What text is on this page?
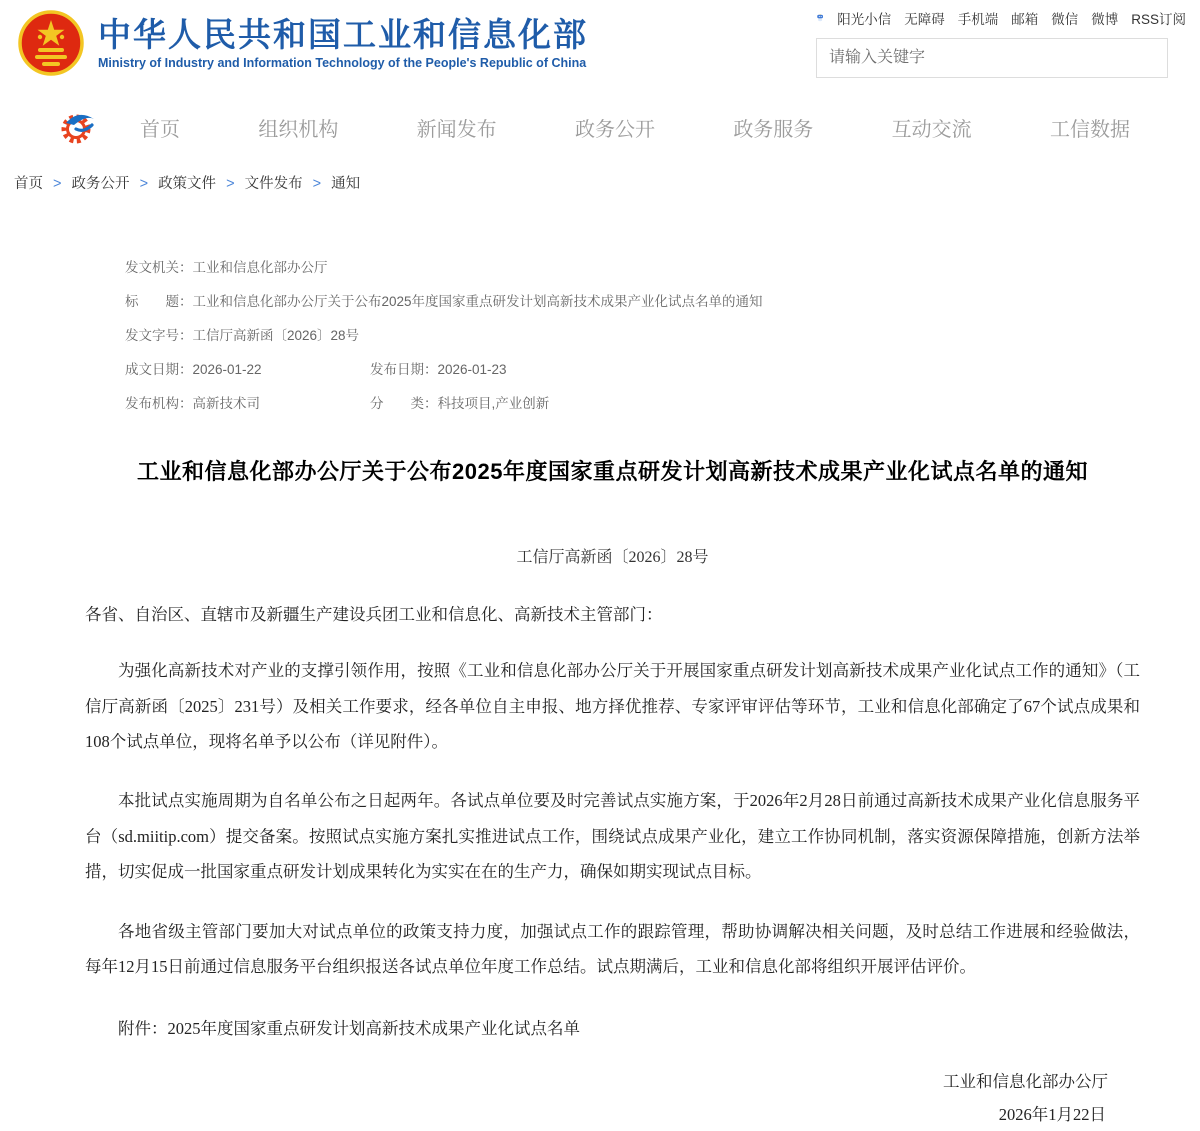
中华人民共和国工业和信息化部
Ministry of Industry and Information Technology of the People's Republic of China
阳光小信 无障碍 手机端 邮箱 微信 微博 RSS订阅
请输入关键字
首页	组织机构	新闻发布	政务公开	政务服务	互动交流	工信数据
首页 > 政务公开 > 政策文件 > 文件发布 > 通知
发文机关： 工业和信息化部办公厅
标　　题： 工业和信息化部办公厅关于公布2025年度国家重点研发计划高新技术成果产业化试点名单的通知
发文字号： 工信厅高新函〔2026〕28号
成文日期： 2026-01-22	发布日期： 2026-01-23
发布机构： 高新技术司	分　　类： 科技项目,产业创新
工业和信息化部办公厅关于公布2025年度国家重点研发计划高新技术成果产业化试点名单的通知
工信厅高新函〔2026〕28号
各省、自治区、直辖市及新疆生产建设兵团工业和信息化、高新技术主管部门：

为强化高新技术对产业的支撑引领作用，按照《工业和信息化部办公厅关于开展国家重点研发计划高新技术成果产业化试点工作的通知》（工信厅高新函〔2025〕231号）及相关工作要求，经各单位自主申报、地方择优推荐、专家评审评估等环节，工业和信息化部确定了67个试点成果和108个试点单位，现将名单予以公布（详见附件）。

本批试点实施周期为自名单公布之日起两年。各试点单位要及时完善试点实施方案，于2026年2月28日前通过高新技术成果产业化信息服务平台（sd.miitip.com）提交备案。按照试点实施方案扎实推进试点工作，围绕试点成果产业化，建立工作协同机制，落实资源保障措施，创新方法举措，切实促成一批国家重点研发计划成果转化为实实在在的生产力，确保如期实现试点目标。

各地省级主管部门要加大对试点单位的政策支持力度，加强试点工作的跟踪管理，帮助协调解决相关问题，及时总结工作进展和经验做法，每年12月15日前通过信息服务平台组织报送各试点单位年度工作总结。试点期满后，工业和信息化部将组织开展评估评价。

附件：2025年度国家重点研发计划高新技术成果产业化试点名单
工业和信息化部办公厅
2026年1月22日
